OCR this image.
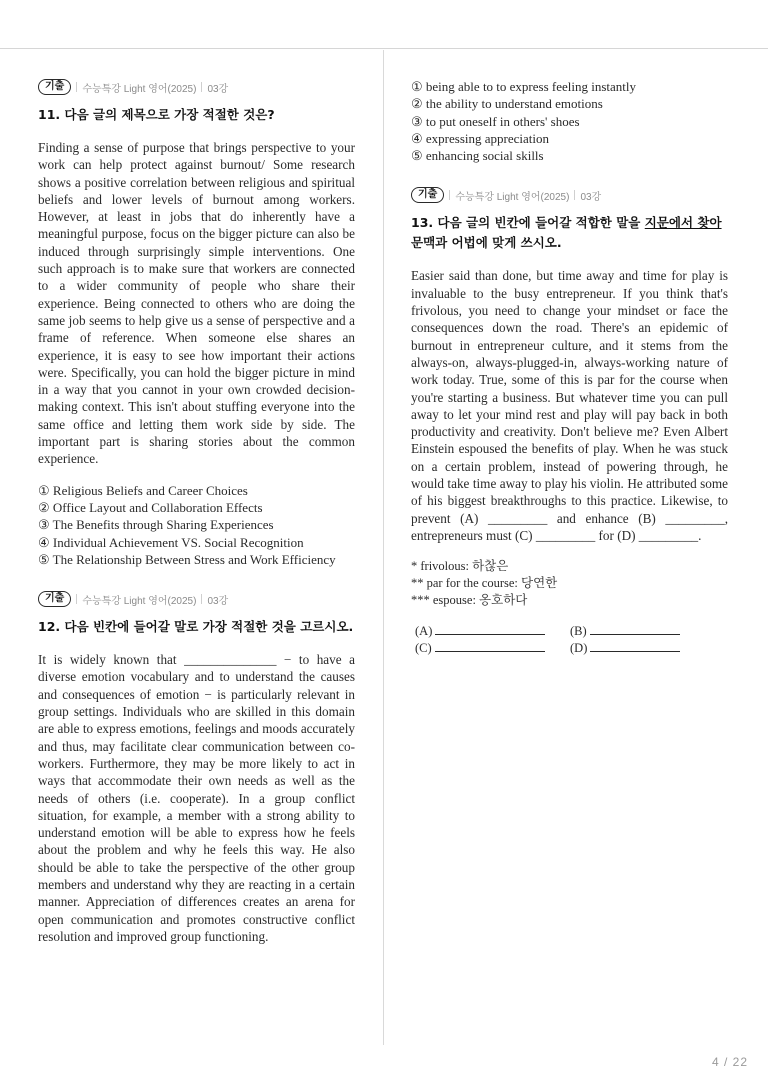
기출	수능특강 Light 영어(2025) 03강
11. 다음 글의 제목으로 가장 적절한 것은?

Finding a sense of purpose that brings perspective to your work can help protect against burnout/ Some research shows a positive correlation between religious and spiritual beliefs and lower levels of burnout among workers. However, at least in jobs that do inherently have a meaningful purpose, focus on the bigger picture can also be induced through surprisingly simple interventions. One such approach is to make sure that workers are connected to a wider community of people who share their experience. Being connected to others who are doing the same job seems to help give us a sense of perspective and a frame of reference. When someone else shares an experience, it is easy to see how important their actions were. Specifically, you can hold the bigger picture in mind in a way that you cannot in your own crowded decision-making context. This isn't about stuffing everyone into the same office and letting them work side by side. The important part is sharing stories about the common experience.

① Religious Beliefs and Career Choices
② Office Layout and Collaboration Effects
③ The Benefits through Sharing Experiences
④ Individual Achievement VS. Social Recognition
⑤ The Relationship Between Stress and Work Efficiency
기출	수능특강 Light 영어(2025) 03강
12. 다음 빈칸에 들어갈 말로 가장 적절한 것을 고르시오.

It is widely known that ______________ − to have a diverse emotion vocabulary and to understand the causes and consequences of emotion − is particularly relevant in group settings. Individuals who are skilled in this domain are able to express emotions, feelings and moods accurately and thus, may facilitate clear communication between co-workers. Furthermore, they may be more likely to act in ways that accommodate their own needs as well as the needs of others (i.e. cooperate). In a group conflict situation, for example, a member with a strong ability to understand emotion will be able to express how he feels about the problem and why he feels this way. He also should be able to take the perspective of the other group members and understand why they are reacting in a certain manner. Appreciation of differences creates an arena for open communication and promotes constructive conflict resolution and improved group functioning.

① being able to to express feeling instantly
② the ability to understand emotions
③ to put oneself in others' shoes
④ expressing appreciation
⑤ enhancing social skills
기출	수능특강 Light 영어(2025) 03강
13. 다음 글의 빈칸에 들어갈 적합한 말을 지문에서 찾아 문맥과 어법에 맞게 쓰시오.

Easier said than done, but time away and time for play is invaluable to the busy entrepreneur. If you think that's frivolous, you need to change your mindset or face the consequences down the road. There's an epidemic of burnout in entrepreneur culture, and it stems from the always-on, always-plugged-in, always-working nature of work today. True, some of this is par for the course when you're starting a business. But whatever time you can pull away to let your mind rest and play will pay back in both productivity and creativity. Don't believe me? Even Albert Einstein espoused the benefits of play. When he was stuck on a certain problem, instead of powering through, he would take time away to play his violin. He attributed some of his biggest breakthroughs to this practice. Likewise, to prevent (A) _________ and enhance (B) _________, entrepreneurs must (C) _________ for (D) _________.

* frivolous: 하찮은
** par for the course: 당연한
*** espouse: 옹호하다
(A)	(B)
(C)	(D)
4 / 22
